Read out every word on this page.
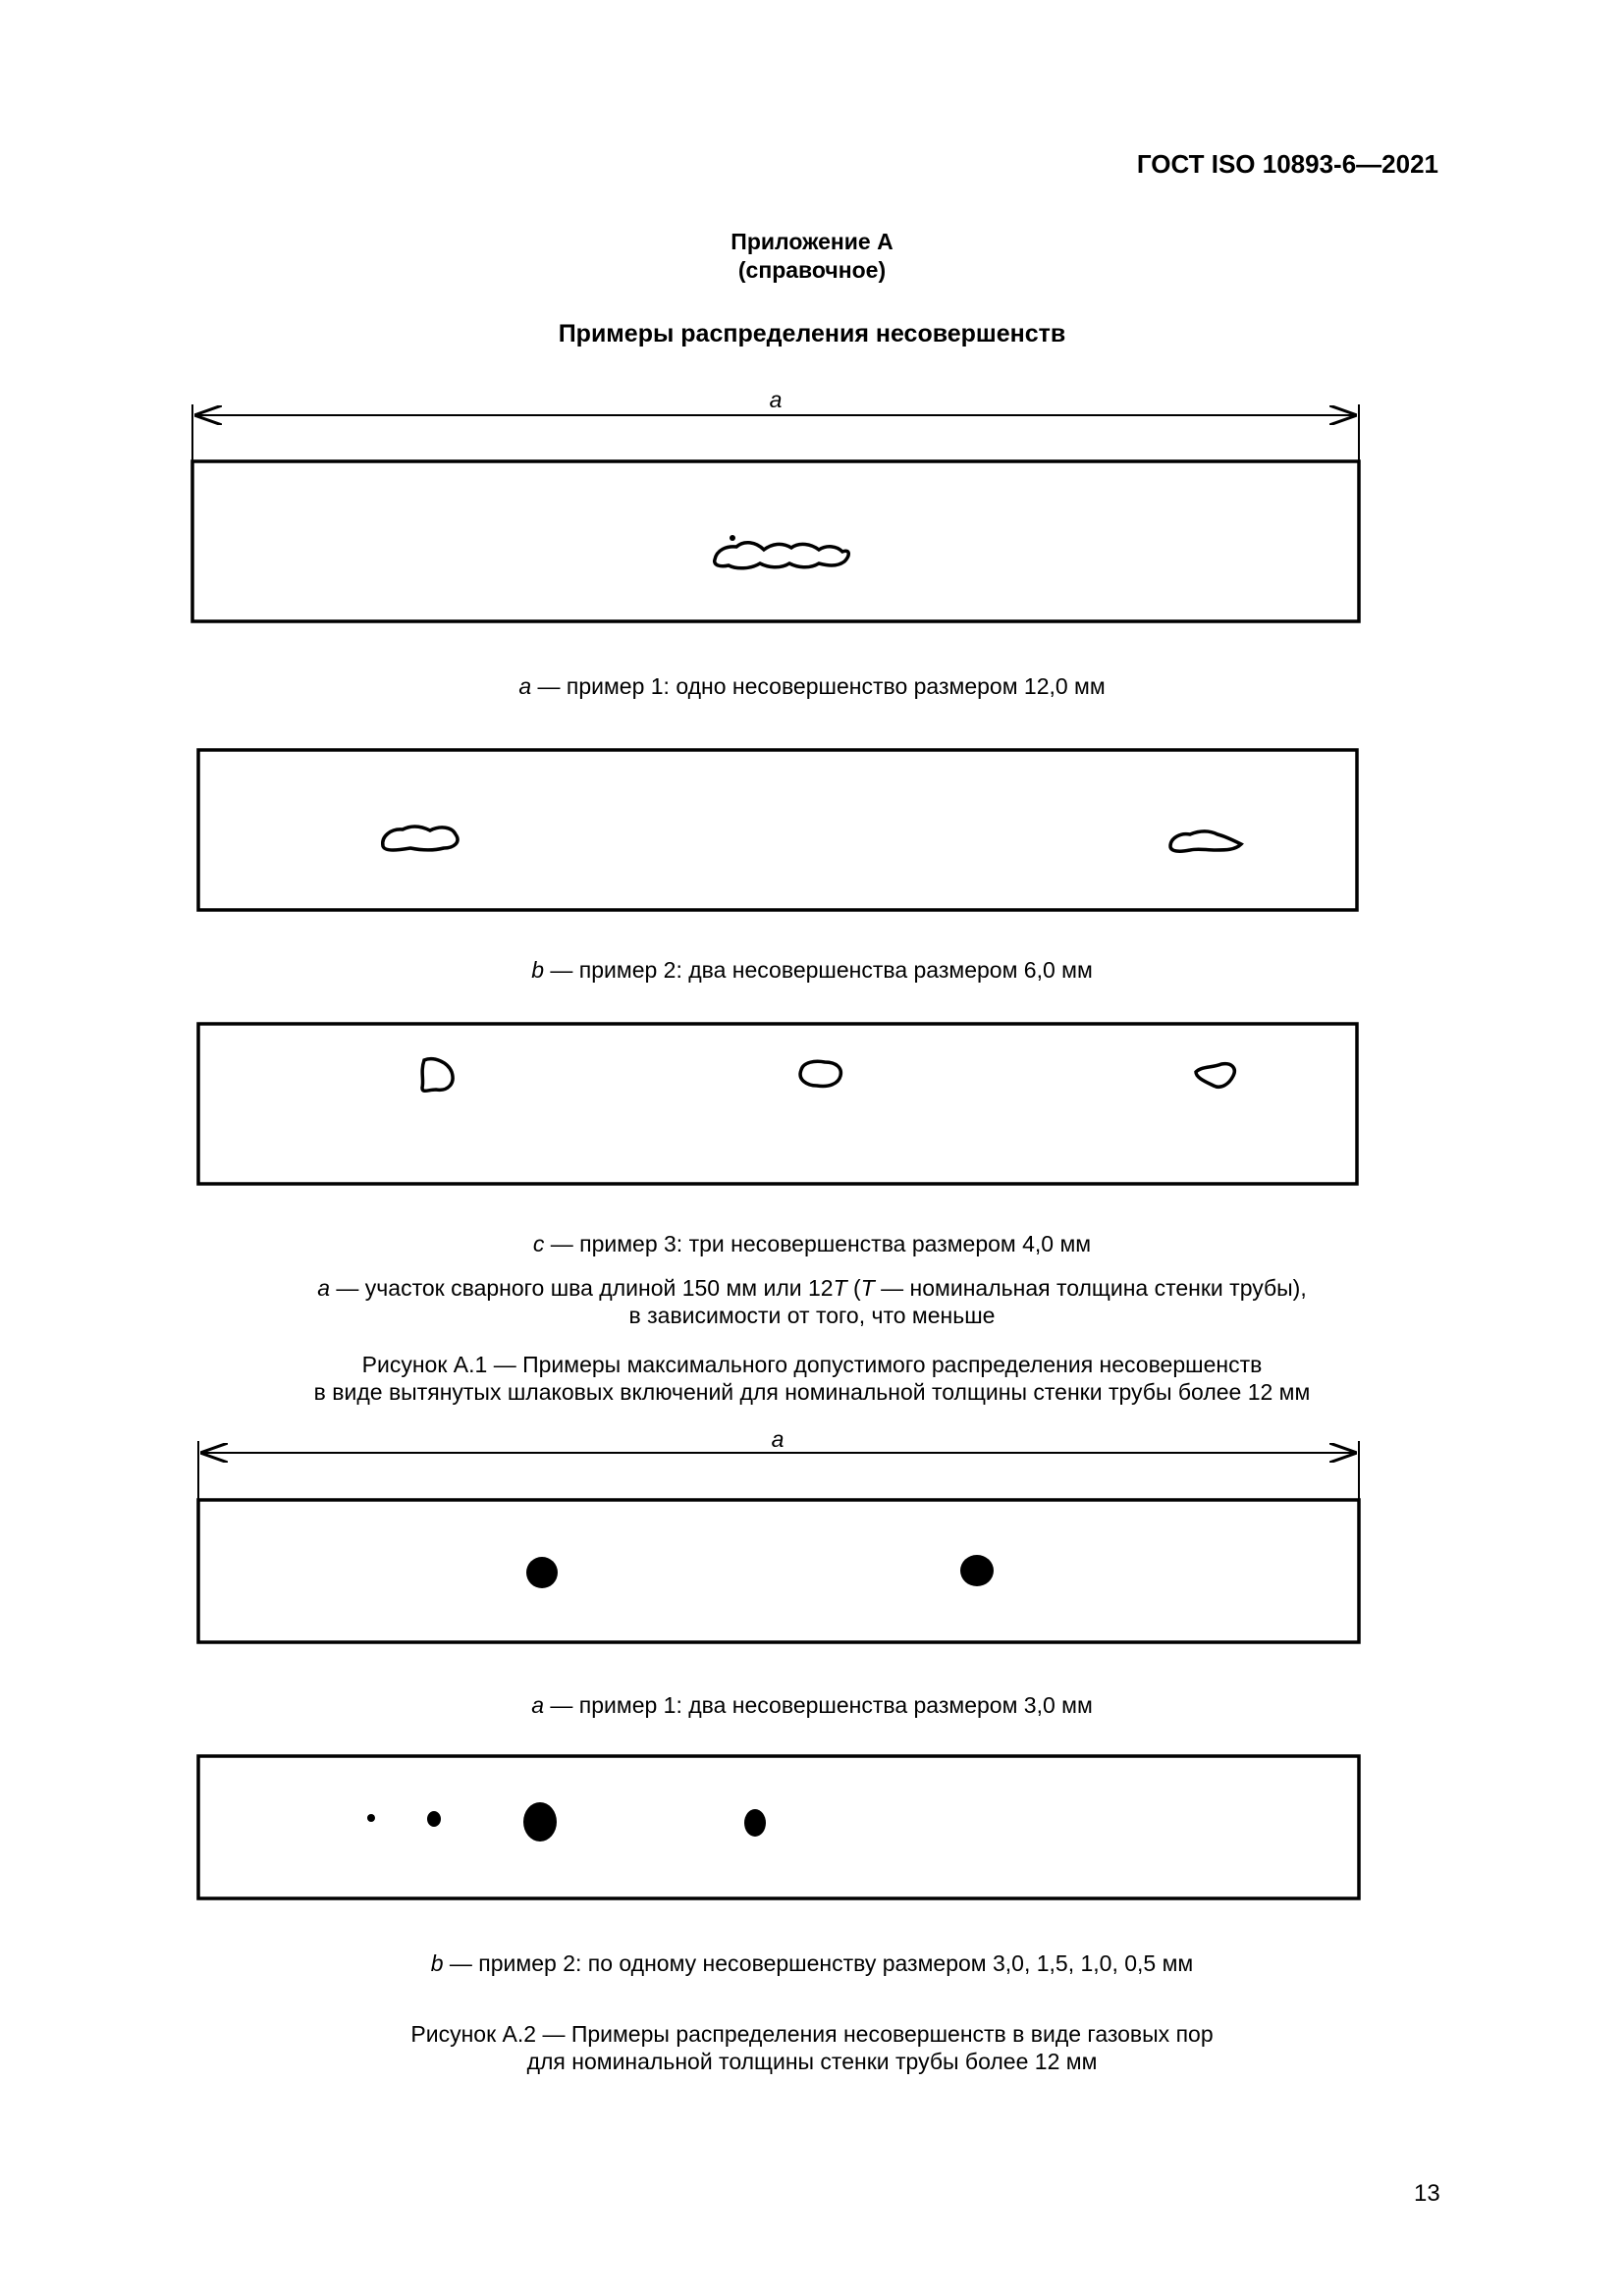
ГОСТ ISO 10893-6—2021
Приложение А
(справочное)
Примеры распределения несовершенств
a
a
a — пример 1: одно несовершенство размером 12,0 мм
b — пример 2: два несовершенства размером 6,0 мм
c — пример 3: три несовершенства размером 4,0 мм
a — участок сварного шва длиной 150 мм или 12T (T — номинальная толщина стенки трубы),
в зависимости от того, что меньше
Рисунок А.1 — Примеры максимального допустимого распределения несовершенств
в виде вытянутых шлаковых включений для номинальной толщины стенки трубы более 12 мм
a — пример 1: два несовершенства размером 3,0 мм
b — пример 2: по одному несовершенству размером 3,0, 1,5, 1,0, 0,5 мм
Рисунок А.2 — Примеры распределения несовершенств в виде газовых пор
для номинальной толщины стенки трубы более 12 мм
13
